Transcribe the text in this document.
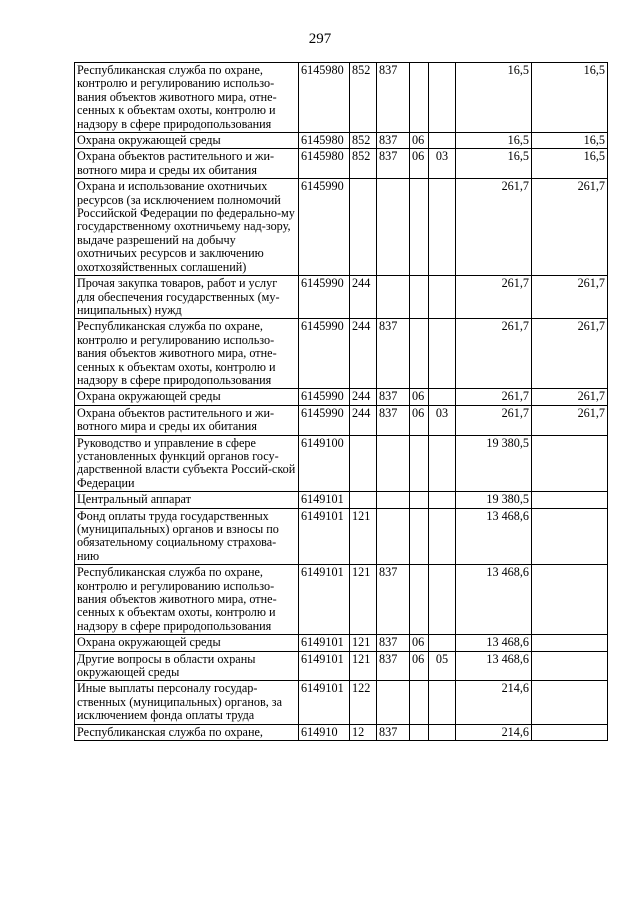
297
Республиканская служба по охране, контролю и регулированию использо-вания объектов животного мира, отне-сенных к объектам охоты, контролю и надзору в сфере природопользования	6145980	852	837			16,5	16,5
Охрана окружающей среды	6145980	852	837	06		16,5	16,5
Охрана объектов растительного и жи-вотного мира и среды их обитания	6145980	852	837	06	03	16,5	16,5
Охрана и использование охотничьих ресурсов (за исключением полномочий Российской Федерации по федерально-му государственному охотничьему над-зору, выдаче разрешений на добычу охотничьих ресурсов и заключению охотхозяйственных соглашений)	6145990					261,7	261,7
Прочая закупка товаров, работ и услуг для обеспечения государственных (му-ниципальных) нужд	6145990	244				261,7	261,7
Республиканская служба по охране, контролю и регулированию использо-вания объектов животного мира, отне-сенных к объектам охоты, контролю и надзору в сфере природопользования	6145990	244	837			261,7	261,7
Охрана окружающей среды	6145990	244	837	06		261,7	261,7
Охрана объектов растительного и жи-вотного мира и среды их обитания	6145990	244	837	06	03	261,7	261,7
Руководство и управление в сфере установленных функций органов госу-дарственной власти субъекта Россий-ской Федерации	6149100					19 380,5	
Центральный аппарат	6149101					19 380,5	
Фонд оплаты труда государственных (муниципальных) органов и взносы по обязательному социальному страхова-нию	6149101	121				13 468,6	
Республиканская служба по охране, контролю и регулированию использо-вания объектов животного мира, отне-сенных к объектам охоты, контролю и надзору в сфере природопользования	6149101	121	837			13 468,6	
Охрана окружающей среды	6149101	121	837	06		13 468,6	
Другие вопросы в области охраны окружающей среды	6149101	121	837	06	05	13 468,6	
Иные выплаты персоналу государ-ственных (муниципальных) органов, за исключением фонда оплаты труда	6149101	122				214,6	
Республиканская служба по охране,	614910	12	837			214,6	
